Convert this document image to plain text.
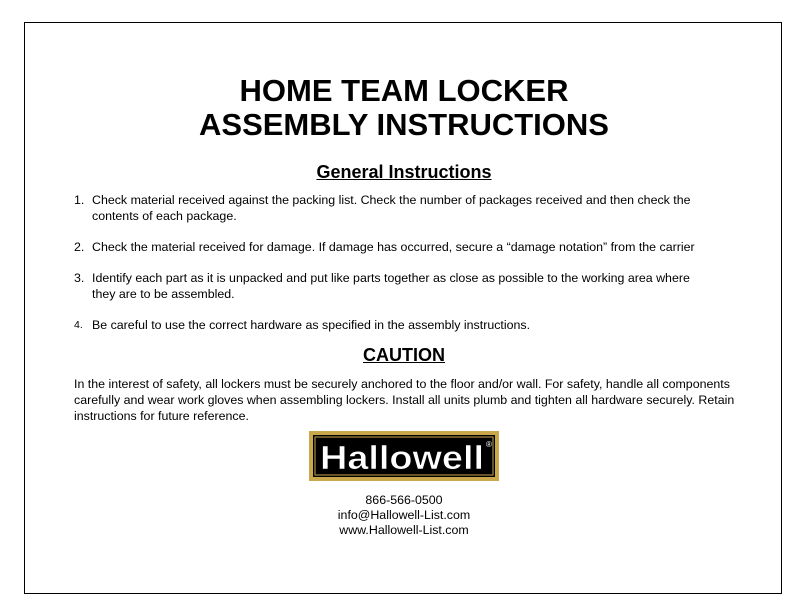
HOME TEAM LOCKER
ASSEMBLY INSTRUCTIONS
General Instructions
1. Check material received against the packing list. Check the number of packages received and then check the contents of each package.
2. Check the material received for damage. If damage has occurred, secure a “damage notation” from the carrier
3. Identify each part as it is unpacked and put like parts together as close as possible to the working area where they are to be assembled.
4. Be careful to use the correct hardware as specified in the assembly instructions.
CAUTION

In the interest of safety, all lockers must be securely anchored to the floor and/or wall. For safety, handle all components carefully and wear work gloves when assembling lockers. Install all units plumb and tighten all hardware securely. Retain instructions for future reference.

Hallowell ®
866-566-0500
info@Hallowell-List.com
www.Hallowell-List.com
